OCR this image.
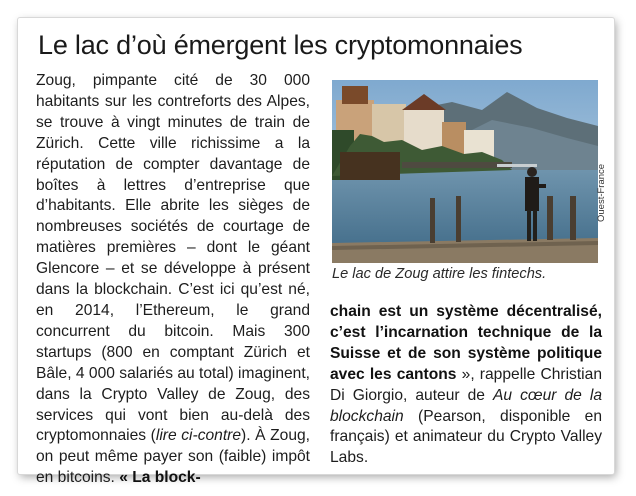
Le lac d’où émergent les cryptomonnaies
Zoug, pimpante cité de 30 000 habitants sur les contreforts des Alpes, se trouve à vingt minutes de train de Zürich. Cette ville richissime a la réputation de compter davantage de boîtes à lettres d’entreprise que d’habitants. Elle abrite les sièges de nombreuses sociétés de courtage de matières premières – dont le géant Glencore – et se développe à présent dans la blockchain. C’est ici qu’est né, en 2014, l’Ethereum, le grand concurrent du bitcoin. Mais 300 startups (800 en comptant Zürich et Bâle, 4 000 salariés au total) imaginent, dans la Crypto Valley de Zoug, des services qui vont bien au-delà des cryptomonnaies (lire ci-contre). À Zoug, on peut même payer son (faible) impôt en bitcoins. « La block-
Ouest-France
Le lac de Zoug attire les fintechs.
chain est un système décentralisé, c’est l’incarnation technique de la Suisse et de son système politique avec les cantons », rappelle Christian Di Giorgio, auteur de Au cœur de la blockchain (Pearson, disponible en français) et animateur du Crypto Valley Labs.
